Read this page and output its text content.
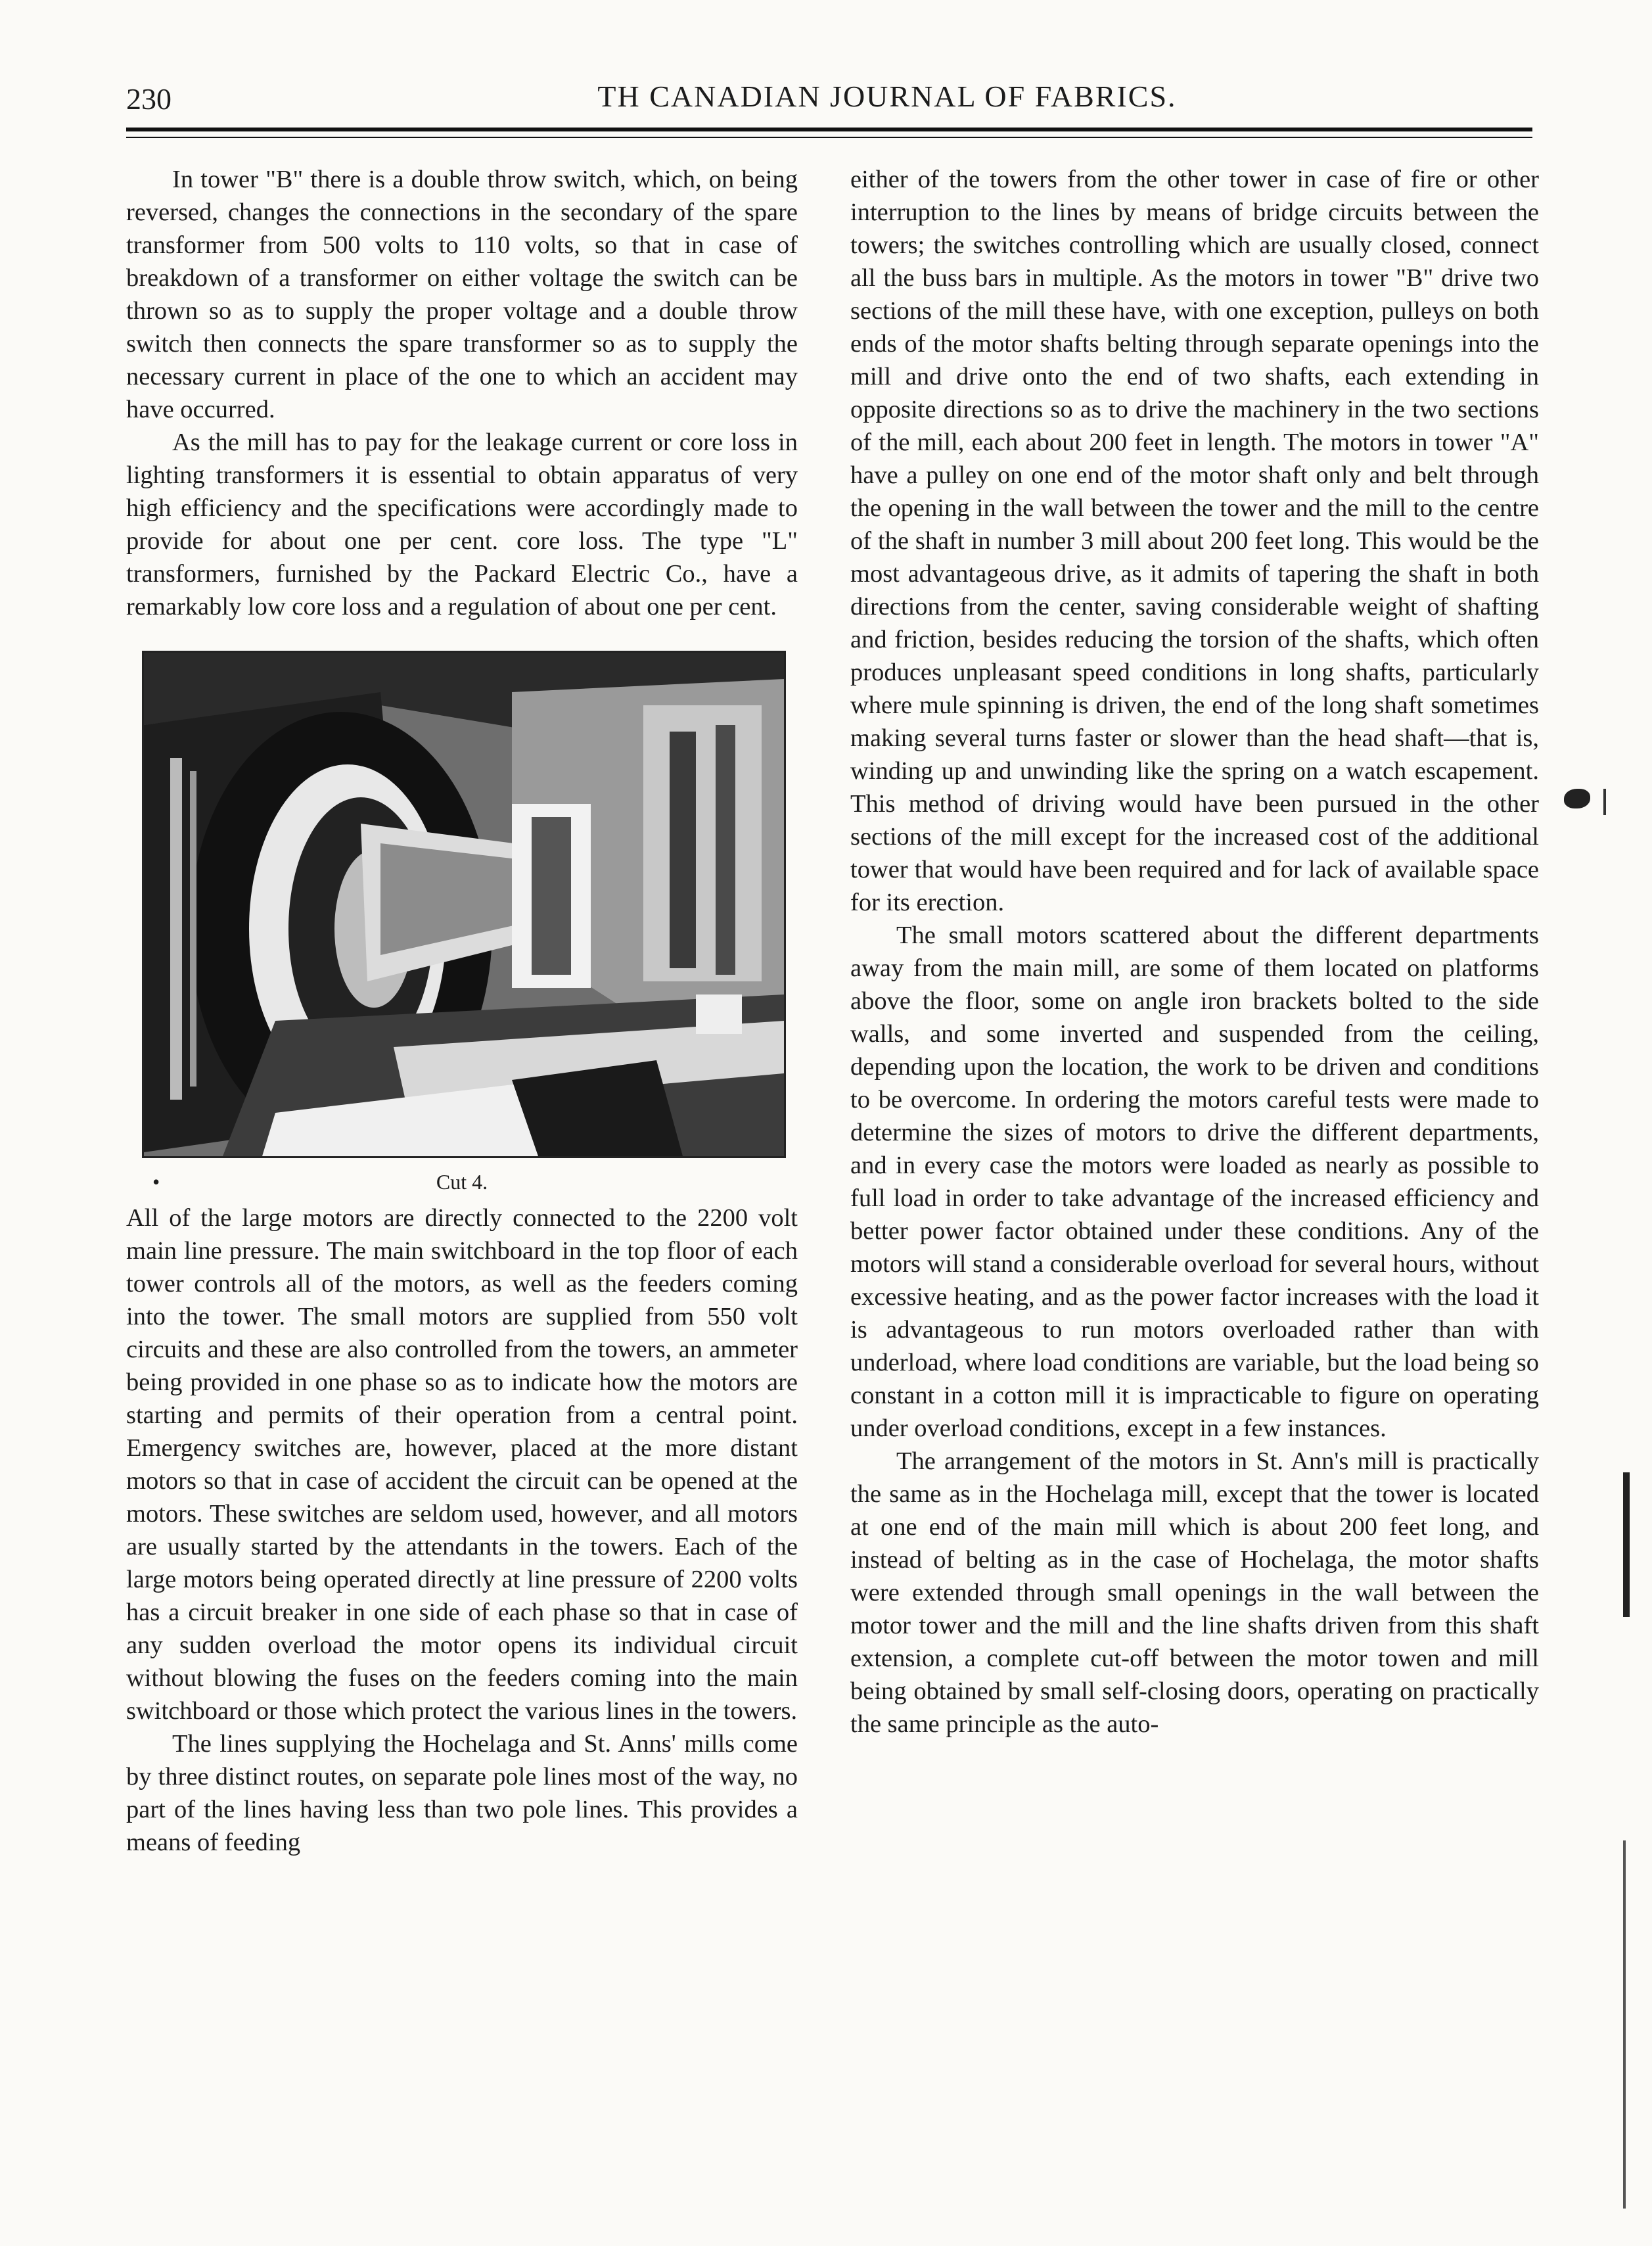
230	TH CANADIAN JOURNAL OF FABRICS.

In tower "B" there is a double throw switch, which, on being reversed, changes the connections in the secondary of the spare transformer from 500 volts to 110 volts, so that in case of breakdown of a transformer on either voltage the switch can be thrown so as to supply the proper voltage and a double throw switch then connects the spare transformer so as to supply the necessary current in place of the one to which an accident may have occurred.

As the mill has to pay for the leakage current or core loss in lighting transformers it is essential to obtain apparatus of very high efficiency and the specifications were accordingly made to provide for about one per cent. core loss. The type "L" transformers, furnished by the Packard Electric Co., have a remarkably low core loss and a regulation of about one per cent.

•	Cut 4.

All of the large motors are directly connected to the 2200 volt main line pressure. The main switchboard in the top floor of each tower controls all of the motors, as well as the feeders coming into the tower. The small motors are supplied from 550 volt circuits and these are also controlled from the towers, an ammeter being provided in one phase so as to indicate how the motors are starting and permits of their operation from a central point. Emergency switches are, however, placed at the more distant motors so that in case of accident the circuit can be opened at the motors. These switches are seldom used, however, and all motors are usually started by the attendants in the towers. Each of the large motors being operated directly at line pressure of 2200 volts has a circuit breaker in one side of each phase so that in case of any sudden overload the motor opens its individual circuit without blowing the fuses on the feeders coming into the main switchboard or those which protect the various lines in the towers.

The lines supplying the Hochelaga and St. Anns' mills come by three distinct routes, on separate pole lines most of the way, no part of the lines having less than two pole lines. This provides a means of feeding

either of the towers from the other tower in case of fire or other interruption to the lines by means of bridge circuits between the towers; the switches controlling which are usually closed, connect all the buss bars in multiple. As the motors in tower "B" drive two sections of the mill these have, with one exception, pulleys on both ends of the motor shafts belting through separate openings into the mill and drive onto the end of two shafts, each extending in opposite directions so as to drive the machinery in the two sections of the mill, each about 200 feet in length. The motors in tower "A" have a pulley on one end of the motor shaft only and belt through the opening in the wall between the tower and the mill to the centre of the shaft in number 3 mill about 200 feet long. This would be the most advantageous drive, as it admits of tapering the shaft in both directions from the center, saving considerable weight of shafting and friction, besides reducing the torsion of the shafts, which often produces unpleasant speed conditions in long shafts, particularly where mule spinning is driven, the end of the long shaft sometimes making several turns faster or slower than the head shaft—that is, winding up and unwinding like the spring on a watch escapement. This method of driving would have been pursued in the other sections of the mill except for the increased cost of the additional tower that would have been required and for lack of available space for its erection.

The small motors scattered about the different departments away from the main mill, are some of them located on platforms above the floor, some on angle iron brackets bolted to the side walls, and some inverted and suspended from the ceiling, depending upon the location, the work to be driven and conditions to be overcome. In ordering the motors careful tests were made to determine the sizes of motors to drive the different departments, and in every case the motors were loaded as nearly as possible to full load in order to take advantage of the increased efficiency and better power factor obtained under these conditions. Any of the motors will stand a considerable overload for several hours, without excessive heating, and as the power factor increases with the load it is advantageous to run motors overloaded rather than with underload, where load conditions are variable, but the load being so constant in a cotton mill it is impracticable to figure on operating under overload conditions, except in a few instances.

The arrangement of the motors in St. Ann's mill is practically the same as in the Hochelaga mill, except that the tower is located at one end of the main mill which is about 200 feet long, and instead of belting as in the case of Hochelaga, the motor shafts were extended through small openings in the wall between the motor tower and the mill and the line shafts driven from this shaft extension, a complete cut-off between the motor towen and mill being obtained by small self-closing doors, operating on practically the same principle as the auto-
